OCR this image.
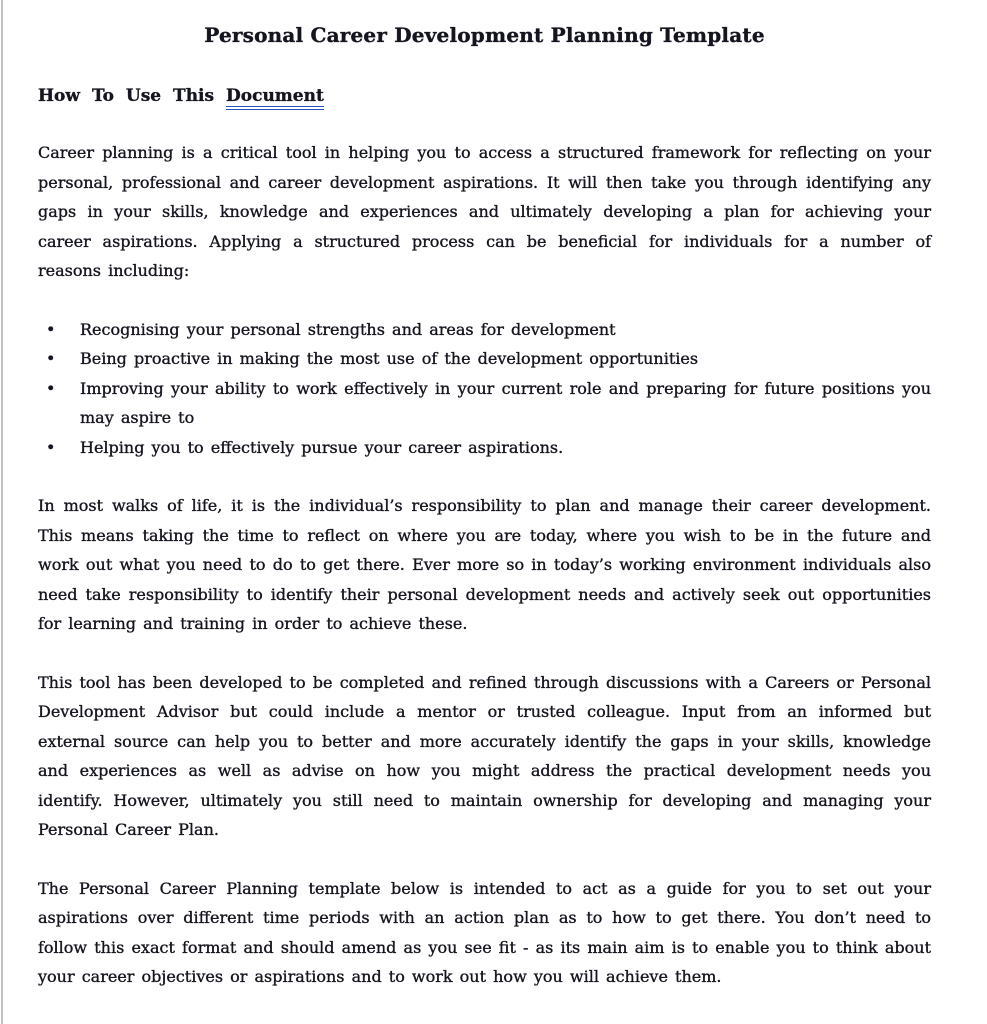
Personal Career Development Planning Template
How To Use This Document

Career planning is a critical tool in helping you to access a structured framework for reflecting on your personal, professional and career development aspirations. It will then take you through identifying any gaps in your skills, knowledge and experiences and ultimately developing a plan for achieving your career aspirations. Applying a structured process can be beneficial for individuals for a number of reasons including:

• Recognising your personal strengths and areas for development
• Being proactive in making the most use of the development opportunities
• Improving your ability to work effectively in your current role and preparing for future positions you may aspire to
• Helping you to effectively pursue your career aspirations.

In most walks of life, it is the individual’s responsibility to plan and manage their career development. This means taking the time to reflect on where you are today, where you wish to be in the future and work out what you need to do to get there. Ever more so in today’s working environment individuals also need take responsibility to identify their personal development needs and actively seek out opportunities for learning and training in order to achieve these.

This tool has been developed to be completed and refined through discussions with a Careers or Personal Development Advisor but could include a mentor or trusted colleague. Input from an informed but external source can help you to better and more accurately identify the gaps in your skills, knowledge and experiences as well as advise on how you might address the practical development needs you identify. However, ultimately you still need to maintain ownership for developing and managing your Personal Career Plan.

The Personal Career Planning template below is intended to act as a guide for you to set out your aspirations over different time periods with an action plan as to how to get there. You don’t need to follow this exact format and should amend as you see fit - as its main aim is to enable you to think about your career objectives or aspirations and to work out how you will achieve them.
